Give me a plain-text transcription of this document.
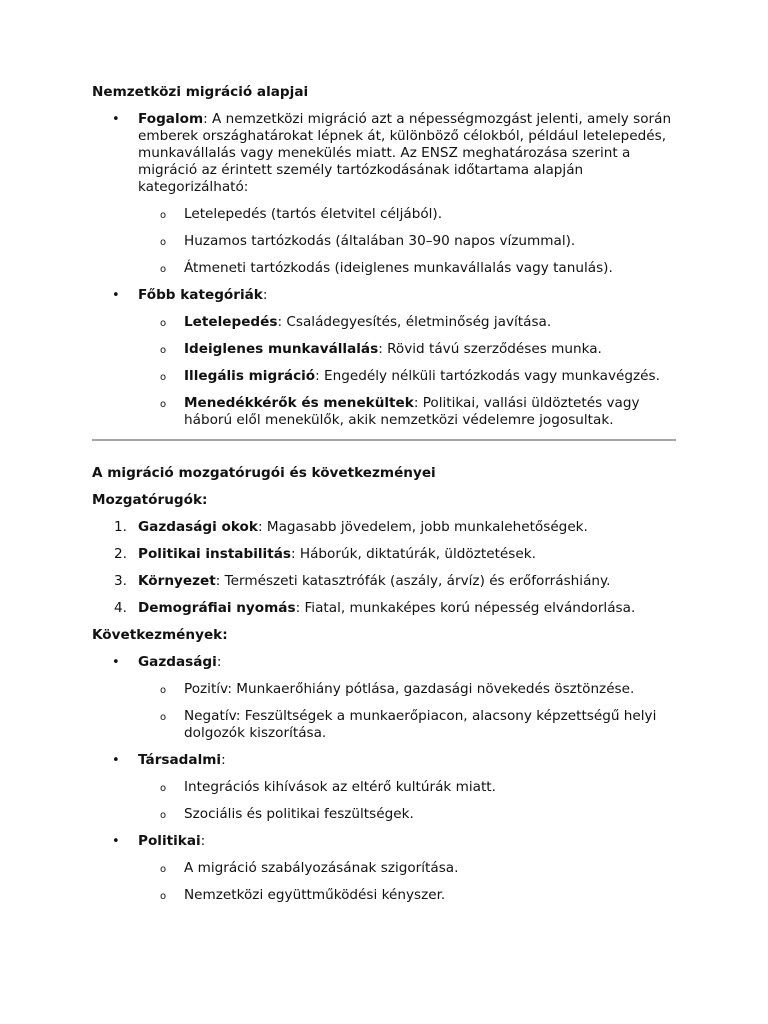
Nemzetközi migráció alapjai
• Fogalom: A nemzetközi migráció azt a népességmozgást jelenti, amely során emberek országhatárokat lépnek át, különböző célokból, például letelepedés, munkavállalás vagy menekülés miatt. Az ENSZ meghatározása szerint a migráció az érintett személy tartózkodásának időtartama alapján kategorizálható:
o Letelepedés (tartós életvitel céljából).
o Huzamos tartózkodás (általában 30–90 napos vízummal).
o Átmeneti tartózkodás (ideiglenes munkavállalás vagy tanulás).
• Főbb kategóriák:
o Letelepedés: Családegyesítés, életminőség javítása.
o Ideiglenes munkavállalás: Rövid távú szerződéses munka.
o Illegális migráció: Engedély nélküli tartózkodás vagy munkavégzés.
o Menedékkérők és menekültek: Politikai, vallási üldöztetés vagy háború elől menekülők, akik nemzetközi védelemre jogosultak.
A migráció mozgatórugói és következményei
Mozgatórugók:
1. Gazdasági okok: Magasabb jövedelem, jobb munkalehetőségek.
2. Politikai instabilitás: Háborúk, diktatúrák, üldöztetések.
3. Környezet: Természeti katasztrófák (aszály, árvíz) és erőforráshiány.
4. Demográfiai nyomás: Fiatal, munkaképes korú népesség elvándorlása.
Következmények:
• Gazdasági:
o Pozitív: Munkaerőhiány pótlása, gazdasági növekedés ösztönzése.
o Negatív: Feszültségek a munkaerőpiacon, alacsony képzettségű helyi dolgozók kiszorítása.
• Társadalmi:
o Integrációs kihívások az eltérő kultúrák miatt.
o Szociális és politikai feszültségek.
• Politikai:
o A migráció szabályozásának szigorítása.
o Nemzetközi együttműködési kényszer.
